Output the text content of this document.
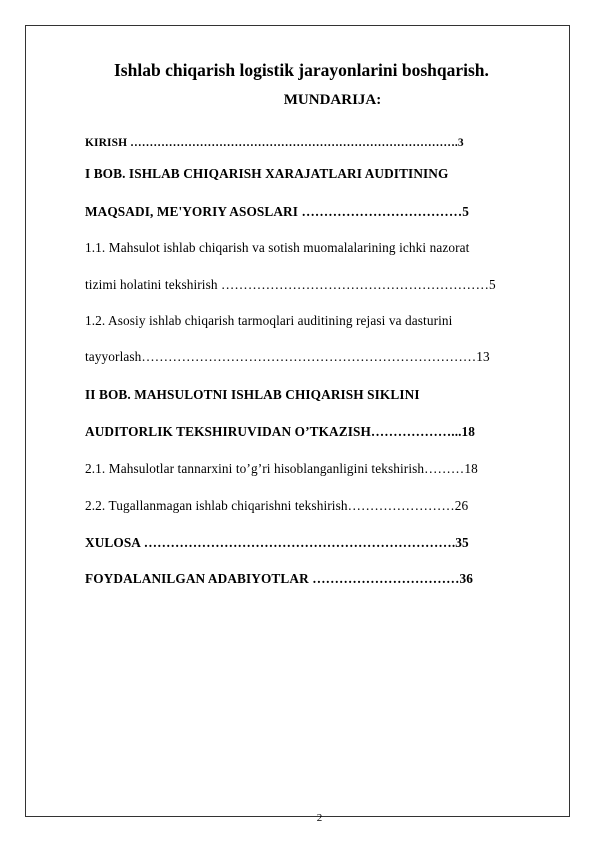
Ishlab chiqarish logistik jarayonlarini boshqarish.
MUNDARIJA:
KIRISH ………………………………………………………………………….3
I BOB. ISHLAB CHIQARISH XARAJATLARI AUDITINING
MAQSADI, ME'YORIY ASOSLARI ………………………………5
1.1. Mahsulot ishlab chiqarish va sotish muomalalarining ichki nazorat
tizimi holatini tekshirish ……………………………………………………5
1.2. Asosiy ishlab chiqarish tarmoqlari auditining rejasi va dasturini
tayyorlash…………………………………………………………………13
II BOB. MAHSULOTNI ISHLAB CHIQARISH SIKLINI
AUDITORLIK TEKSHIRUVIDAN O’TKAZISH………………...18
2.1. Mahsulotlar tannarxini to’g’ri hisoblanganligini tekshirish………18
2.2. Tugallanmagan ishlab chiqarishni tekshirish……………………26
XULOSA …………………………………………………………….35
FOYDALANILGAN ADABIYOTLAR ……………………………36
2
